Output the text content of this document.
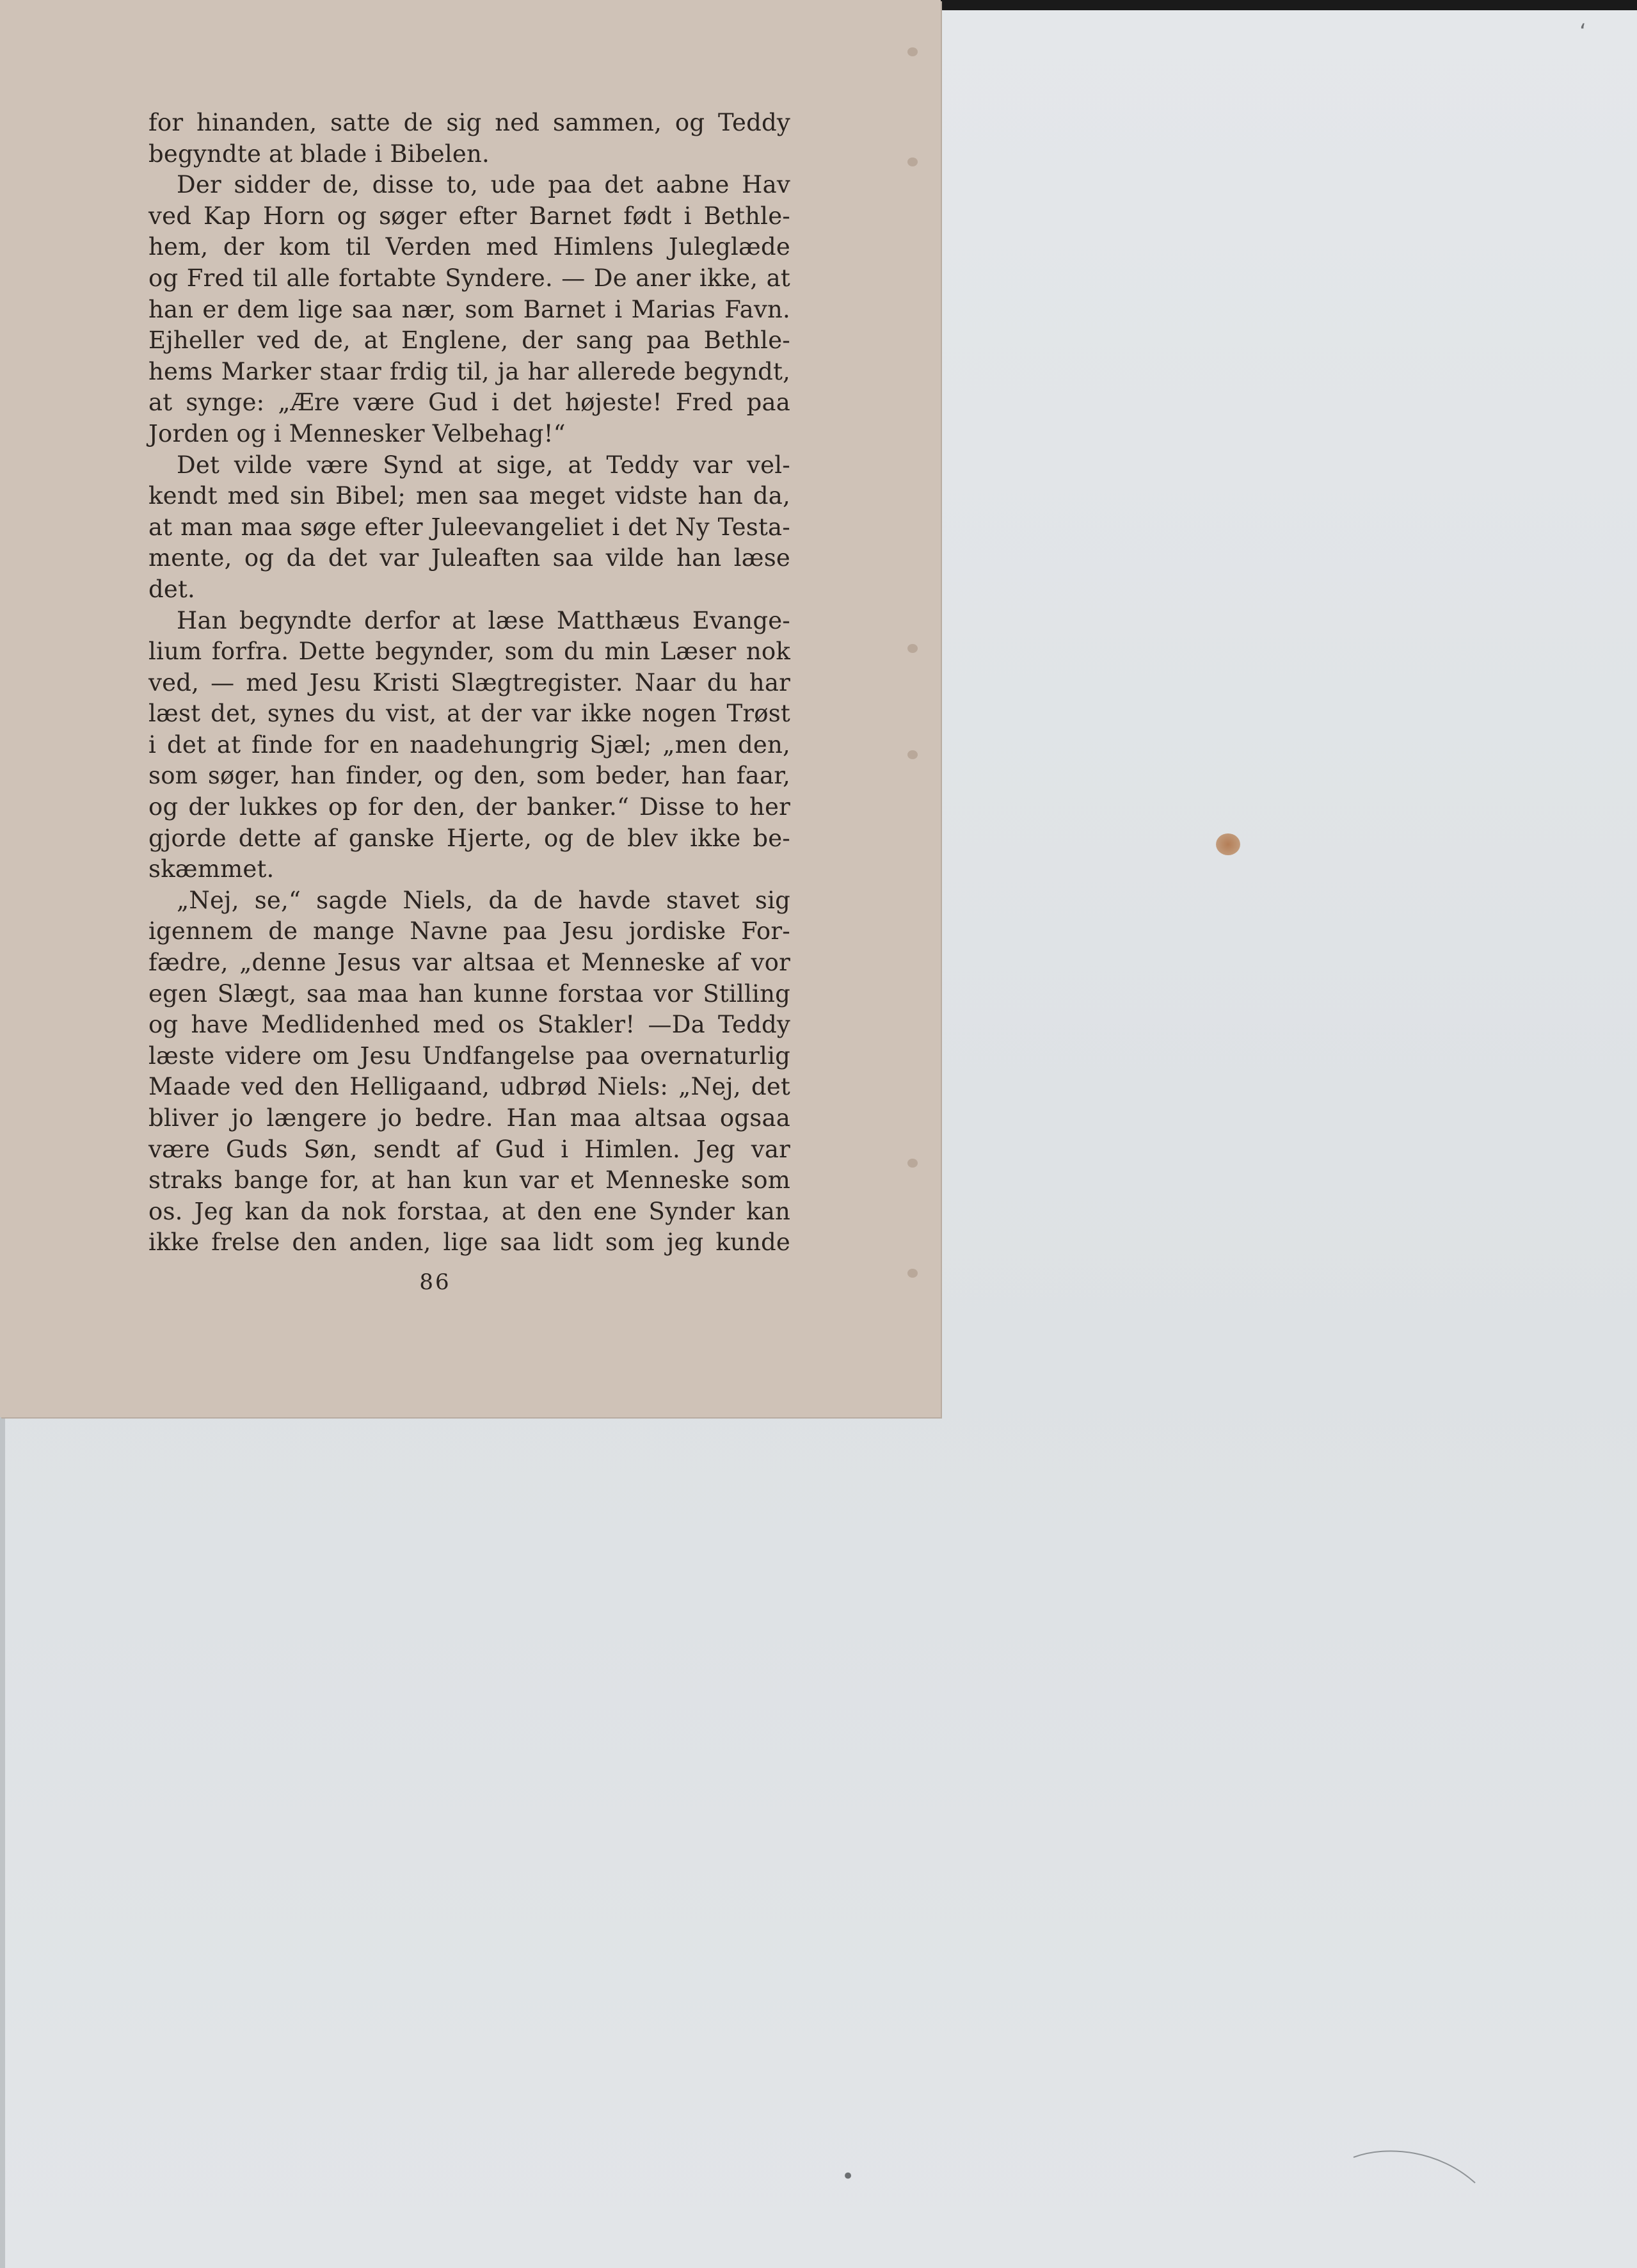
for hinanden, satte de sig ned sammen, og Teddy
begyndte at blade i Bibelen.
Der sidder de, disse to, ude paa det aabne Hav
ved Kap Horn og søger efter Barnet født i Bethle-
hem, der kom til Verden med Himlens Juleglæde
og Fred til alle fortabte Syndere. — De aner ikke, at
han er dem lige saa nær, som Barnet i Marias Favn.
Ejheller ved de, at Englene, der sang paa Bethle-
hems Marker staar frdig til, ja har allerede begyndt,
at synge: „Ære være Gud i det højeste! Fred paa
Jorden og i Mennesker Velbehag!“
Det vilde være Synd at sige, at Teddy var vel-
kendt med sin Bibel; men saa meget vidste han da,
at man maa søge efter Juleevangeliet i det Ny Testa-
mente, og da det var Juleaften saa vilde han læse
det.
Han begyndte derfor at læse Matthæus Evange-
lium forfra. Dette begynder, som du min Læser nok
ved, — med Jesu Kristi Slægtregister. Naar du har
læst det, synes du vist, at der var ikke nogen Trøst
i det at finde for en naadehungrig Sjæl; „men den,
som søger, han finder, og den, som beder, han faar,
og der lukkes op for den, der banker.“ Disse to her
gjorde dette af ganske Hjerte, og de blev ikke be-
skæmmet.
„Nej, se,“ sagde Niels, da de havde stavet sig
igennem de mange Navne paa Jesu jordiske For-
fædre, „denne Jesus var altsaa et Menneske af vor
egen Slægt, saa maa han kunne forstaa vor Stilling
og have Medlidenhed med os Stakler! —Da Teddy
læste videre om Jesu Undfangelse paa overnaturlig
Maade ved den Helligaand, udbrød Niels: „Nej, det
bliver jo længere jo bedre. Han maa altsaa ogsaa
være Guds Søn, sendt af Gud i Himlen. Jeg var
straks bange for, at han kun var et Menneske som
os. Jeg kan da nok forstaa, at den ene Synder kan
ikke frelse den anden, lige saa lidt som jeg kunde
86
‘
•
